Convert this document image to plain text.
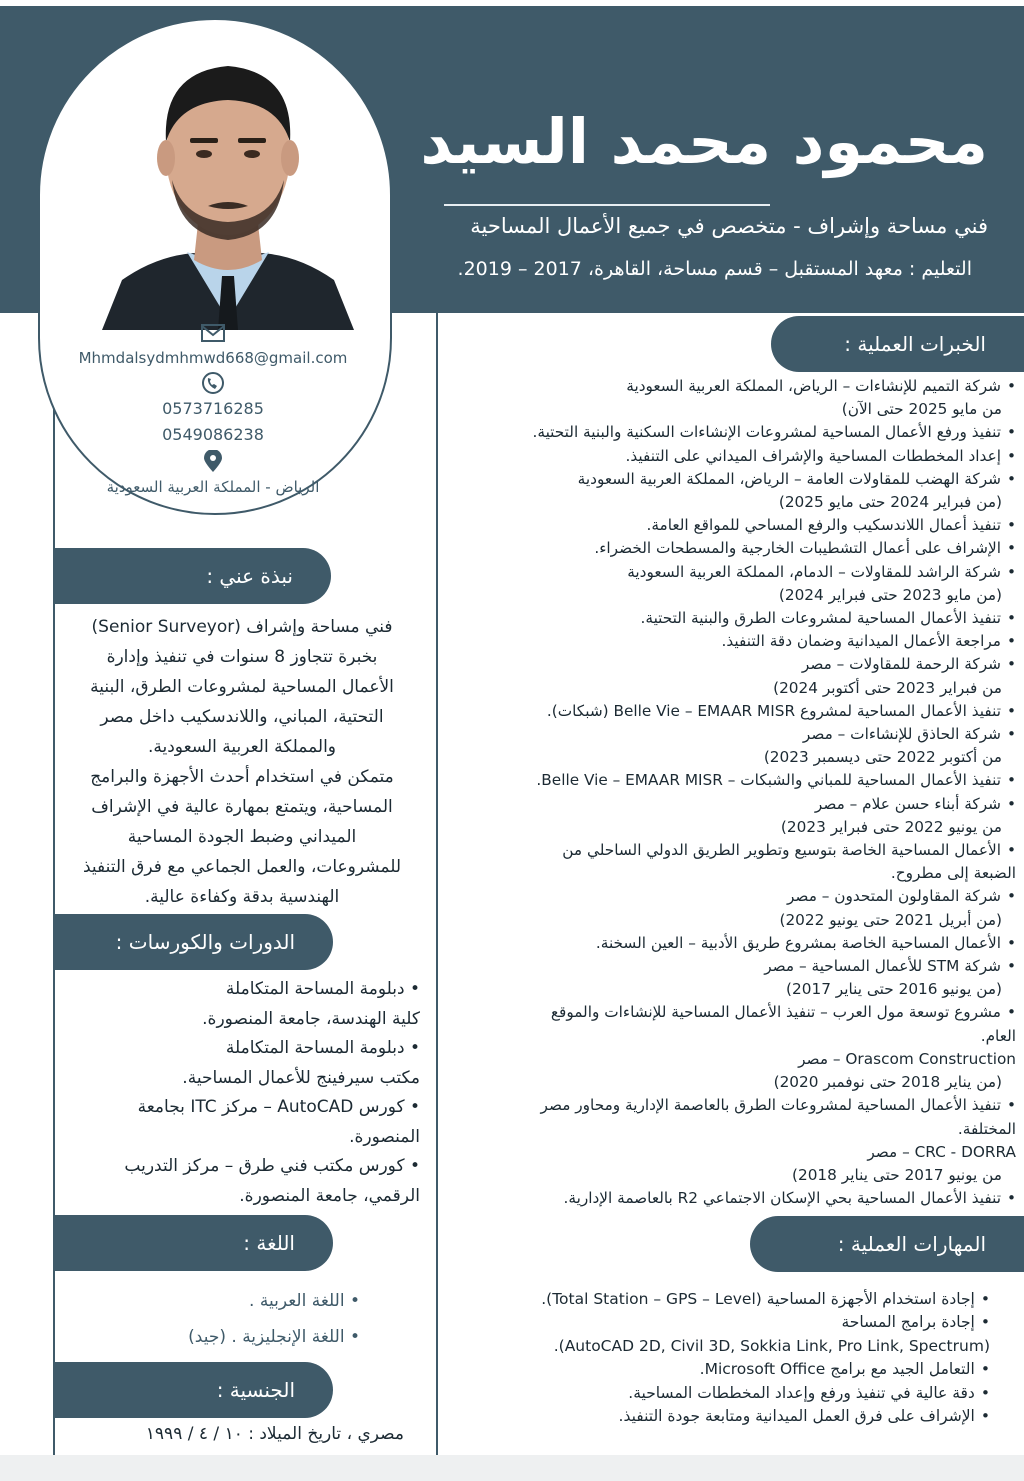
Mhmdalsydmhmwd668@gmail.com
0573716285
0549086238
الرياض - المملكة العربية السعودية
محمود محمد السيد
فني مساحة وإشراف - متخصص في جميع الأعمال المساحية
التعليم : معهد المستقبل – قسم مساحة، القاهرة، 2017 – 2019.
نبذة عني :
فني مساحة وإشراف (Senior Surveyor)
بخبرة تتجاوز 8 سنوات في تنفيذ وإدارة
الأعمال المساحية لمشروعات الطرق، البنية
التحتية، المباني، واللاندسكيب داخل مصر
والمملكة العربية السعودية.
متمكن في استخدام أحدث الأجهزة والبرامج
المساحية، ويتمتع بمهارة عالية في الإشراف
الميداني وضبط الجودة المساحية
للمشروعات، والعمل الجماعي مع فرق التنفيذ
الهندسية بدقة وكفاءة عالية.
الدورات والكورسات :
• دبلومة المساحة المتكاملة
كلية الهندسة، جامعة المنصورة.
• دبلومة المساحة المتكاملة
مكتب سيرفينج للأعمال المساحية.
• كورس AutoCAD – مركز ITC بجامعة
المنصورة.
• كورس مكتب فني طرق – مركز التدريب
الرقمي، جامعة المنصورة.
اللغة :
• اللغة العربية .
• اللغة الإنجليزية . (جيد)
الجنسية :
مصري ، تاريخ الميلاد : ١٠ / ٤ / ١٩٩٩
الخبرات العملية :
• شركة التميم للإنشاءات – الرياض، المملكة العربية السعودية
من مايو 2025 حتى الآن)
• تنفيذ ورفع الأعمال المساحية لمشروعات الإنشاءات السكنية والبنية التحتية.
• إعداد المخططات المساحية والإشراف الميداني على التنفيذ.
• شركة الهضب للمقاولات العامة – الرياض، المملكة العربية السعودية
(من فبراير 2024 حتى مايو 2025)
• تنفيذ أعمال اللاندسكيب والرفع المساحي للمواقع العامة.
• الإشراف على أعمال التشطيبات الخارجية والمسطحات الخضراء.
• شركة الراشد للمقاولات – الدمام، المملكة العربية السعودية
(من مايو 2023 حتى فبراير 2024)
• تنفيذ الأعمال المساحية لمشروعات الطرق والبنية التحتية.
• مراجعة الأعمال الميدانية وضمان دقة التنفيذ.
• شركة الرحمة للمقاولات – مصر
من فبراير 2023 حتى أكتوبر 2024)
• تنفيذ الأعمال المساحية لمشروع Belle Vie – EMAAR MISR (شبكات).
• شركة الحاذق للإنشاءات – مصر
من أكتوبر 2022 حتى ديسمبر 2023)
• تنفيذ الأعمال المساحية للمباني والشبكات – Belle Vie – EMAAR MISR.
• شركة أبناء حسن علام – مصر
من يونيو 2022 حتى فبراير 2023)
• الأعمال المساحية الخاصة بتوسيع وتطوير الطريق الدولي الساحلي من
الضبعة إلى مطروح.
• شركة المقاولون المتحدون – مصر
(من أبريل 2021 حتى يونيو 2022)
• الأعمال المساحية الخاصة بمشروع طريق الأدبية – العين السخنة.
• شركة STM للأعمال المساحية – مصر
(من يونيو 2016 حتى يناير 2017)
• مشروع توسعة مول العرب – تنفيذ الأعمال المساحية للإنشاءات والموقع
العام.
Orascom Construction – مصر
(من يناير 2018 حتى نوفمبر 2020)
• تنفيذ الأعمال المساحية لمشروعات الطرق بالعاصمة الإدارية ومحاور مصر
المختلفة.
CRC - DORRA – مصر
من يونيو 2017 حتى يناير 2018)
• تنفيذ الأعمال المساحية بحي الإسكان الاجتماعي R2 بالعاصمة الإدارية.
المهارات العملية :
• إجادة استخدام الأجهزة المساحية (Total Station – GPS – Level).
• إجادة برامج المساحة
(AutoCAD 2D, Civil 3D, Sokkia Link, Pro Link, Spectrum).
• التعامل الجيد مع برامج Microsoft Office.
• دقة عالية في تنفيذ ورفع وإعداد المخططات المساحية.
• الإشراف على فرق العمل الميدانية ومتابعة جودة التنفيذ.
